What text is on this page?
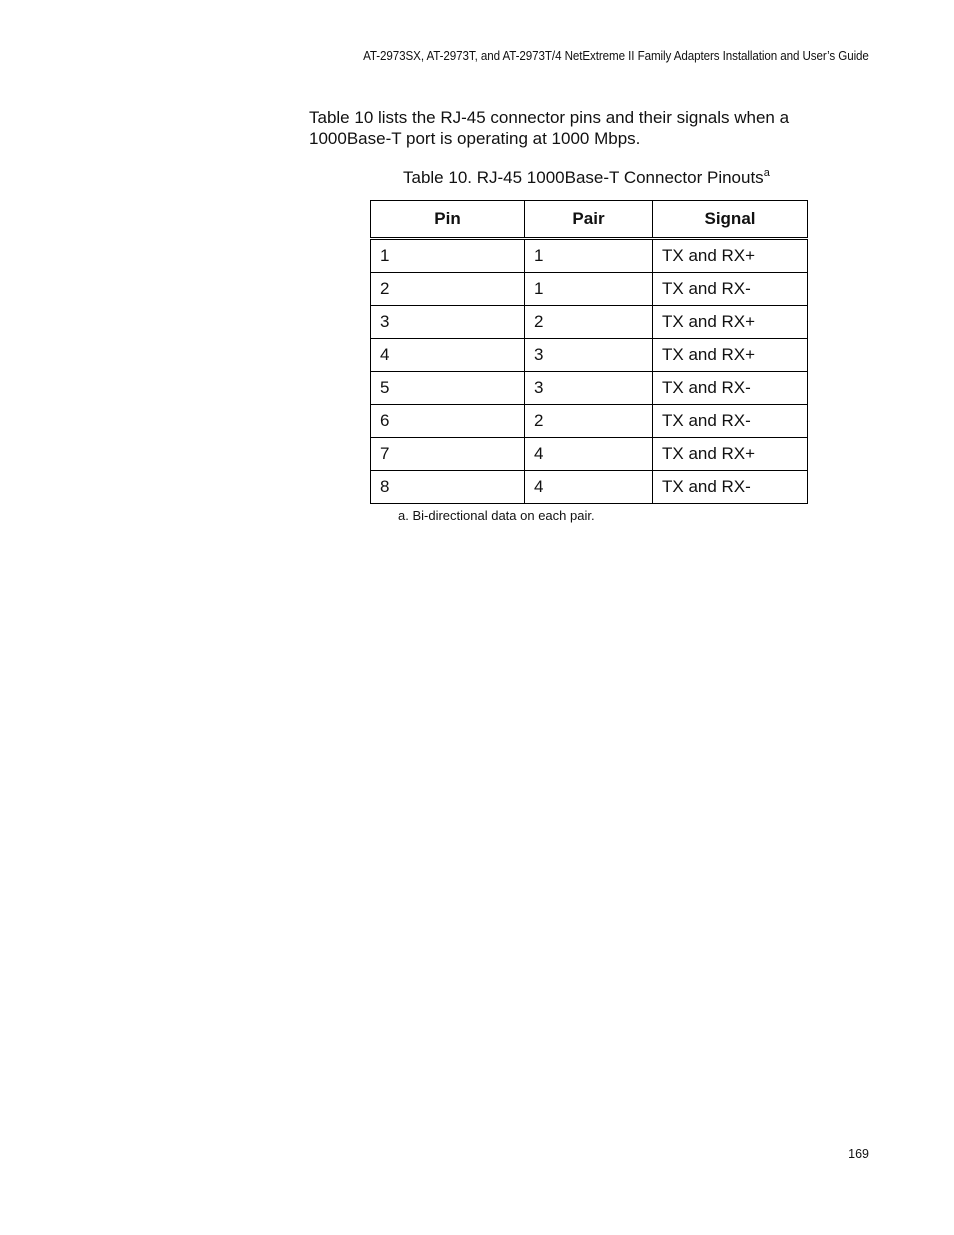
AT-2973SX, AT-2973T, and AT-2973T/4 NetExtreme II Family Adapters Installation and User’s Guide

Table 10 lists the RJ-45 connector pins and their signals when a 1000Base-T port is operating at 1000 Mbps.

Table 10. RJ-45 1000Base-T Connector Pinouts$^a$
Pin	Pair	Signal
1	1	TX and RX+
2	1	TX and RX-
3	2	TX and RX+
4	3	TX and RX+
5	3	TX and RX-
6	2	TX and RX-
7	4	TX and RX+
8	4	TX and RX-
a. Bi-directional data on each pair.
169
